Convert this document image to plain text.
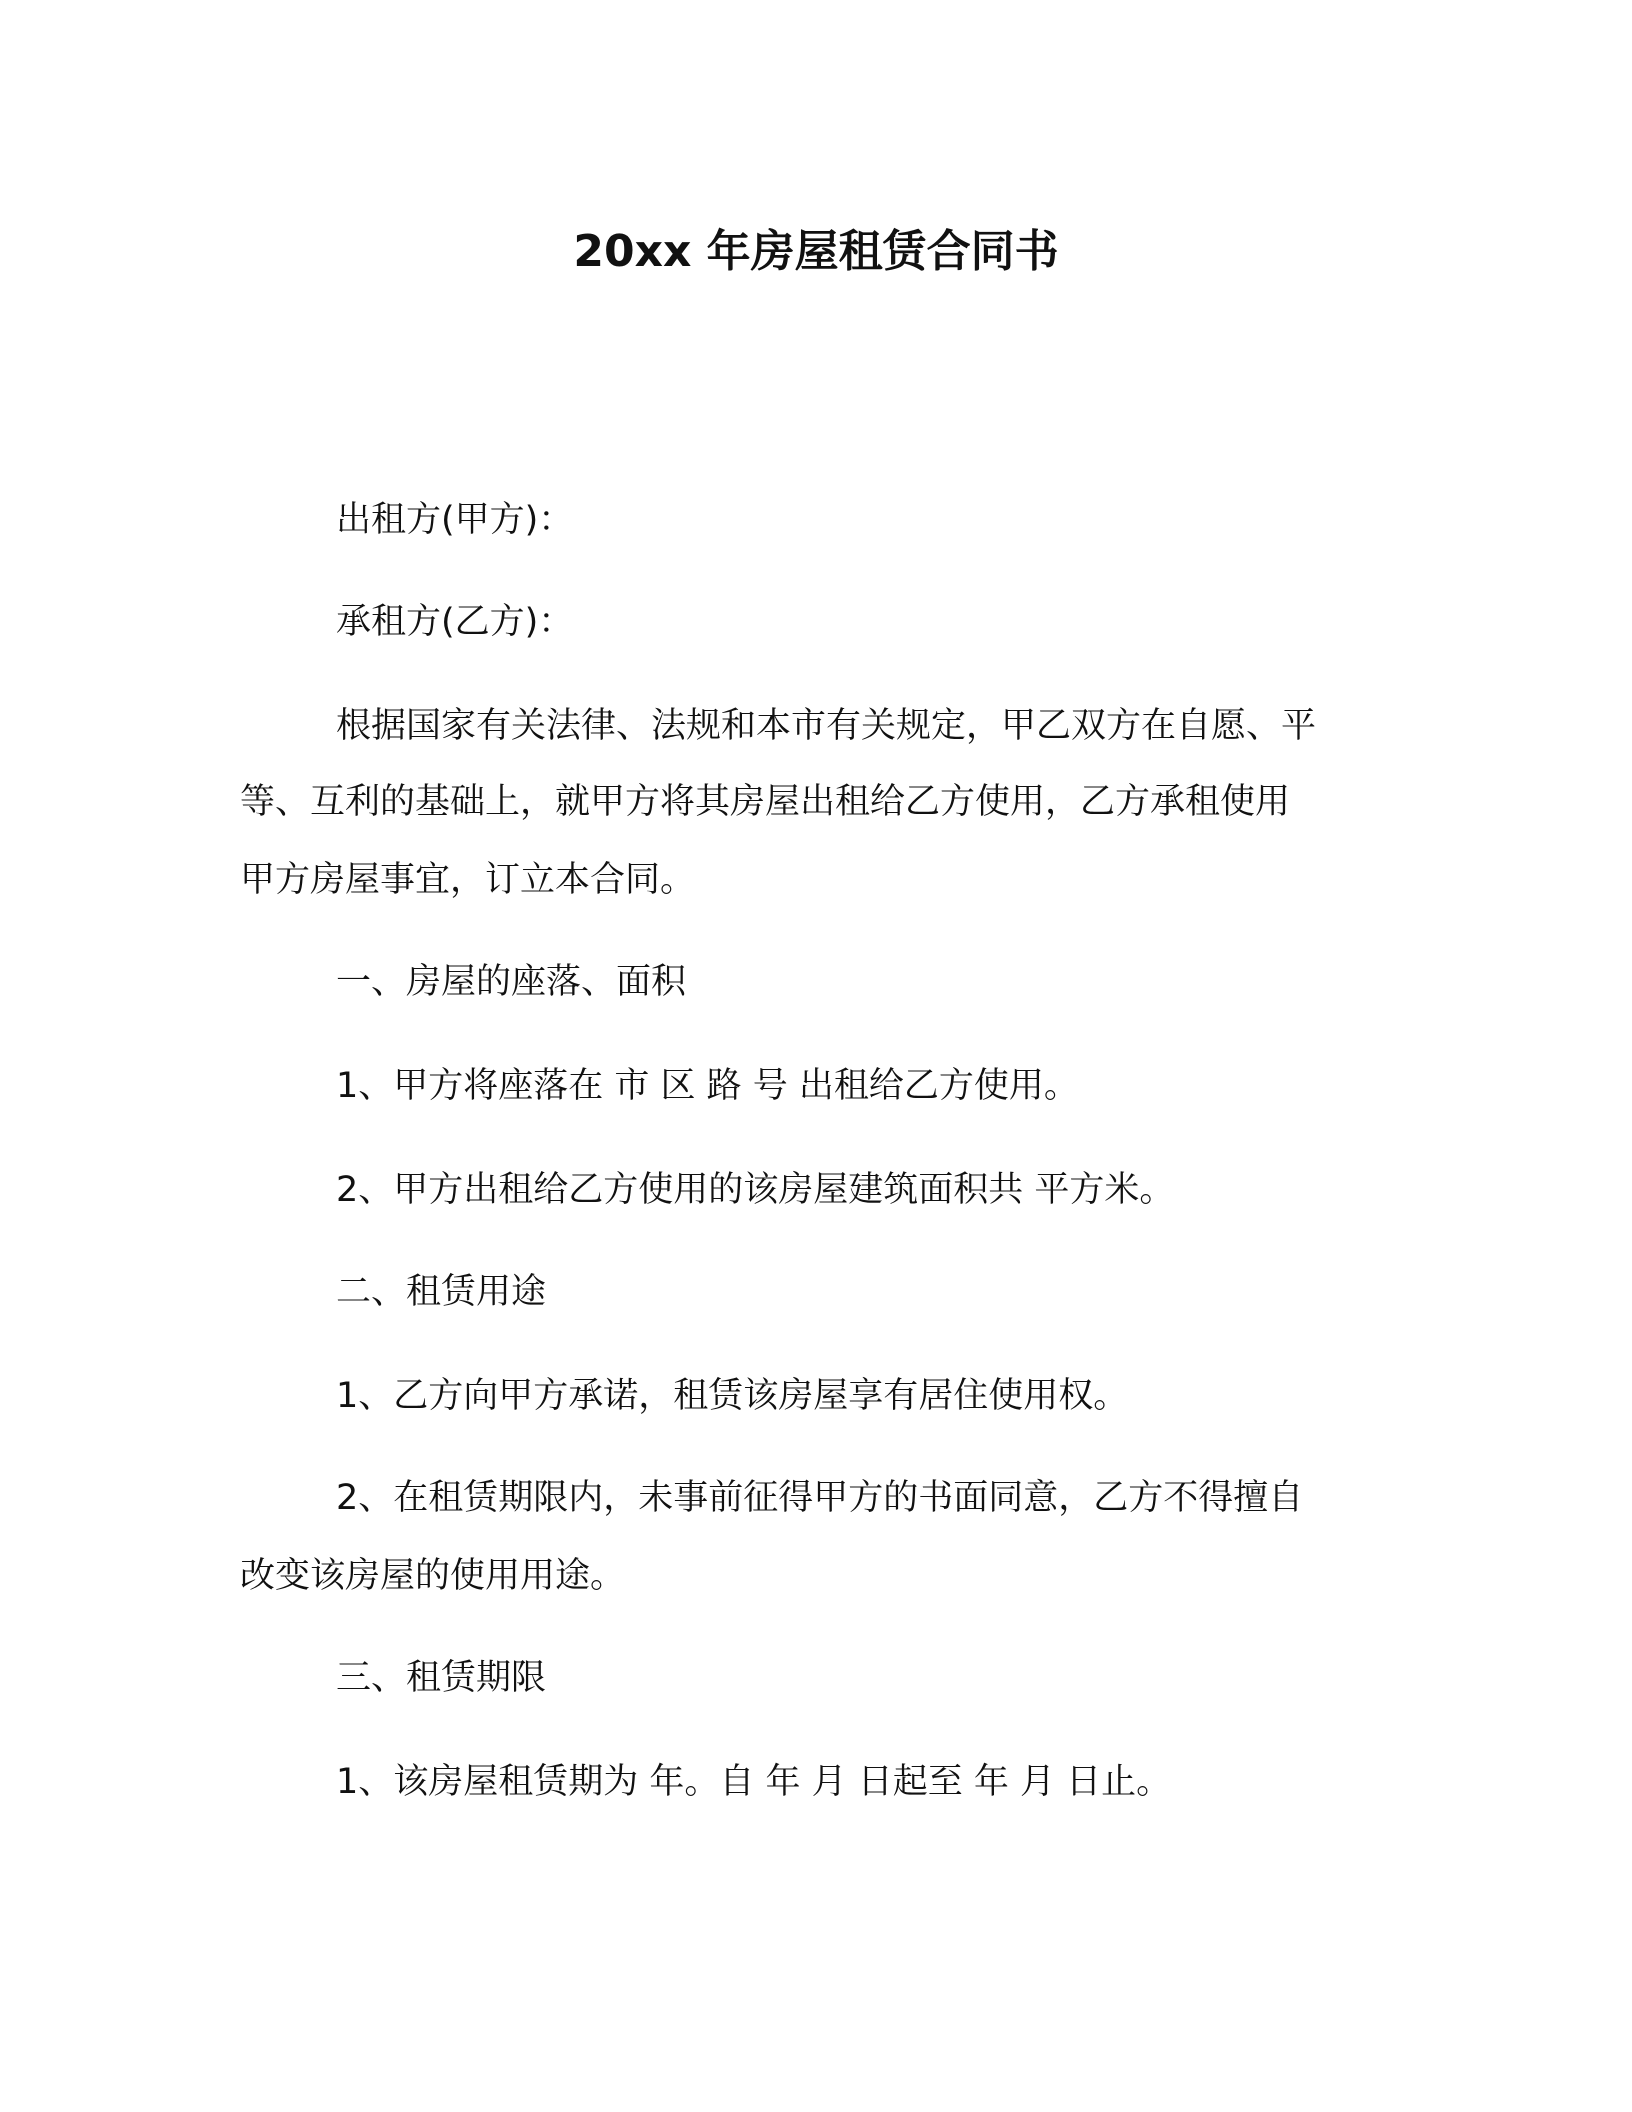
20xx 年房屋租赁合同书
出租方(甲方)：
承租方(乙方)：
根据国家有关法律、法规和本市有关规定，甲乙双方在自愿、平
等、互利的基础上，就甲方将其房屋出租给乙方使用，乙方承租使用
甲方房屋事宜，订立本合同。
一、房屋的座落、面积
1、甲方将座落在 市 区 路 号 出租给乙方使用。
2、甲方出租给乙方使用的该房屋建筑面积共 平方米。
二、租赁用途
1、乙方向甲方承诺，租赁该房屋享有居住使用权。
2、在租赁期限内，未事前征得甲方的书面同意，乙方不得擅自
改变该房屋的使用用途。
三、租赁期限
1、该房屋租赁期为 年。自 年 月 日起至 年 月 日止。
